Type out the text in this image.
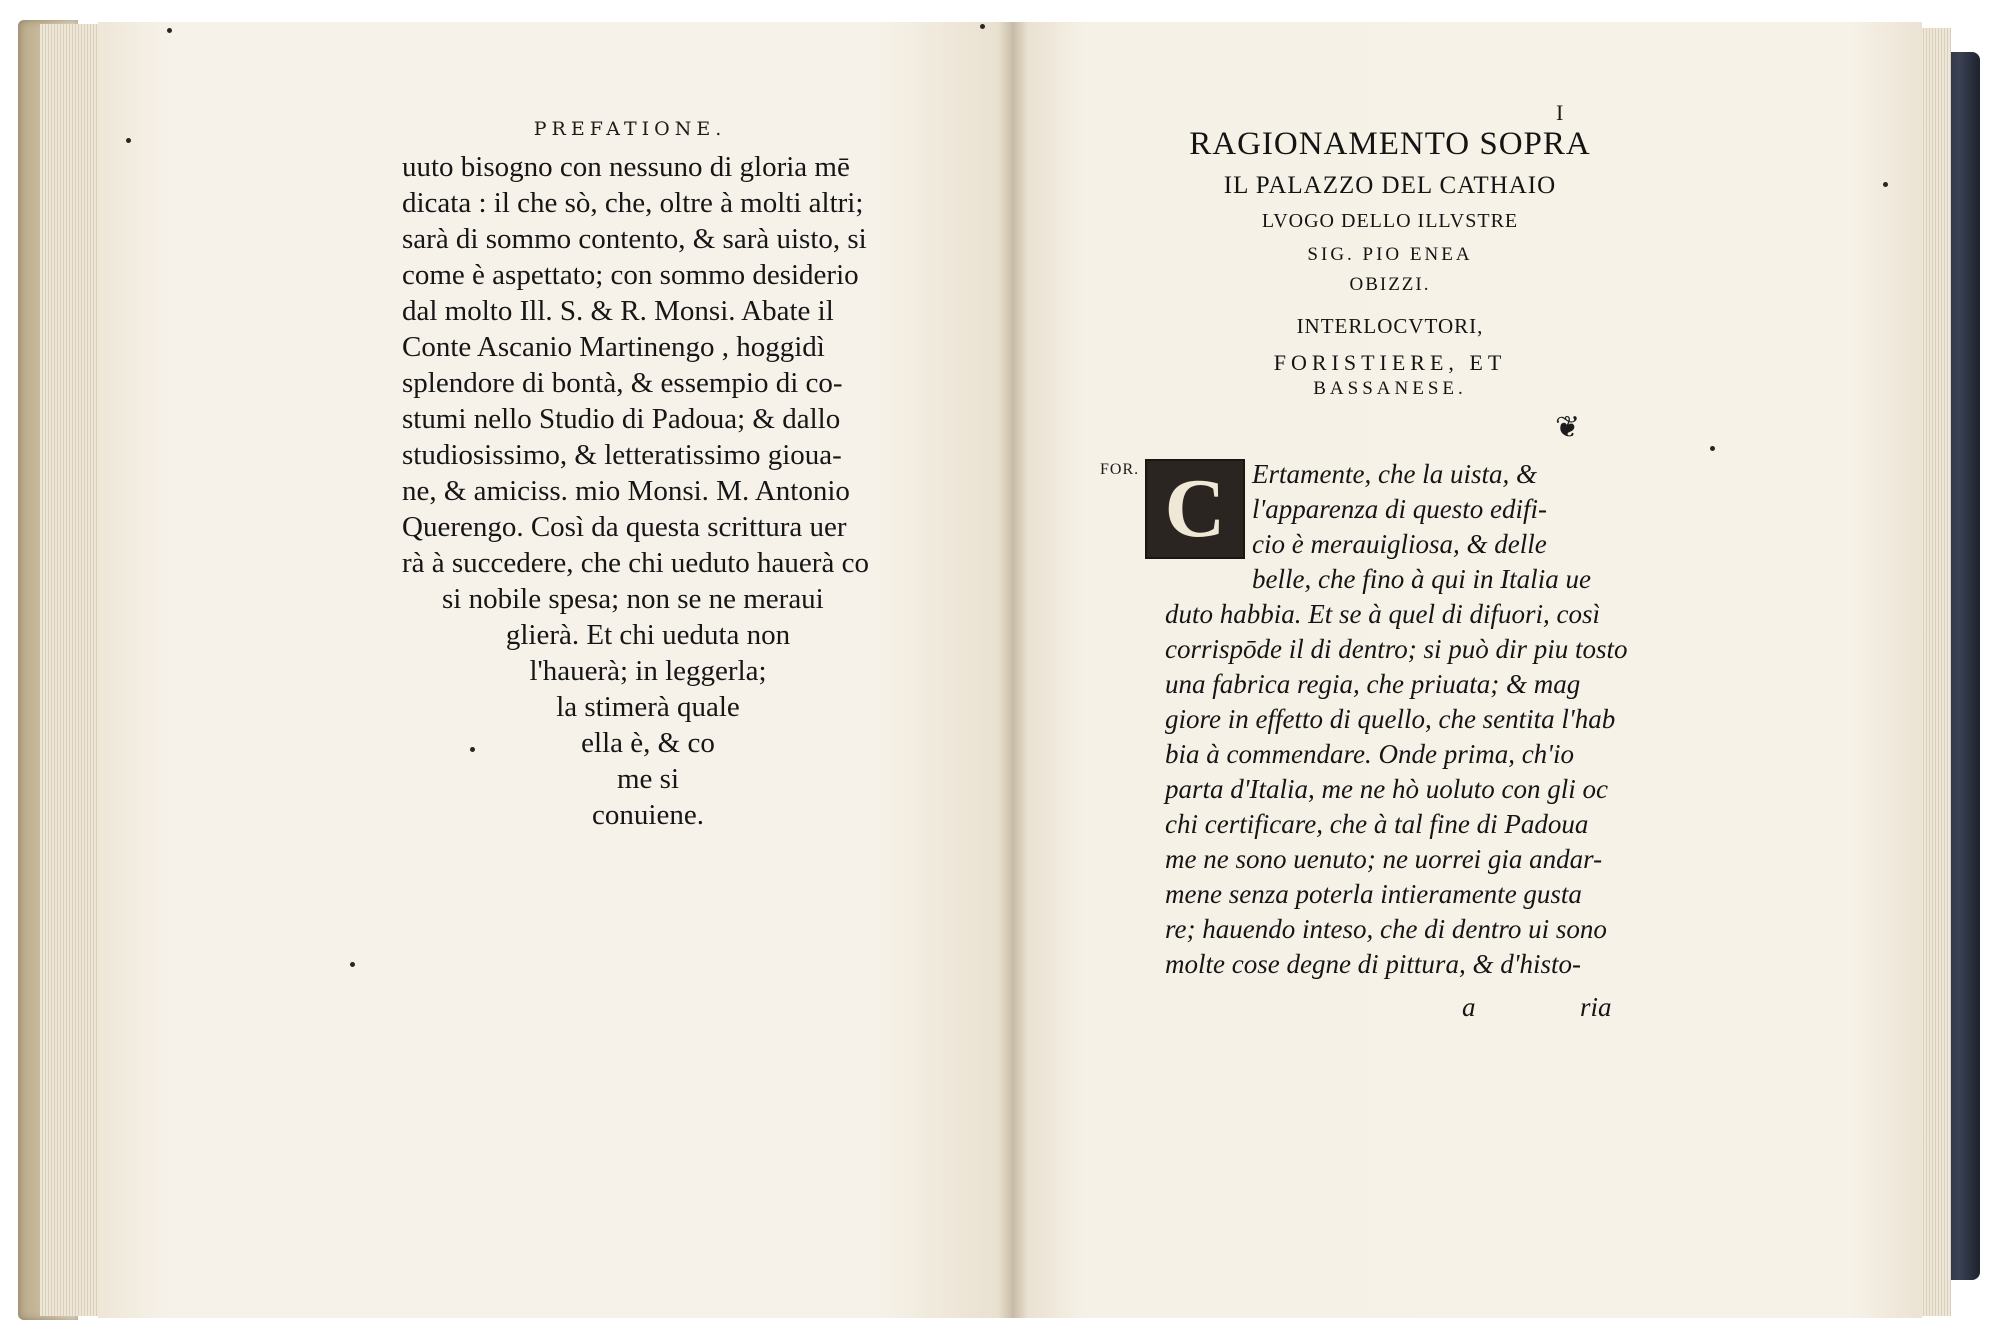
PREFATIONE.
uuto bisogno con nessuno di gloria mē
dicata : il che sò, che, oltre à molti altri;
sarà di sommo contento, & sarà uisto, si
come è aspettato; con sommo desiderio
dal molto Ill. S. & R. Monsi. Abate il
Conte Ascanio Martinengo , hoggidì
splendore di bontà, & essempio di co-
stumi nello Studio di Padoua; & dallo
studiosissimo, & letteratissimo gioua-
ne, & amiciss. mio Monsi. M. Antonio
Querengo. Così da questa scrittura uer
rà à succedere, che chi ueduto hauerà co
si nobile spesa; non se ne meraui
glierà. Et chi ueduta non
l'hauerà; in leggerla;
la stimerà quale
ella è, & co
me si
conuiene.
I
RAGIONAMENTO SOPRA
IL PALAZZO DEL CATHAIO
LVOGO DELLO ILLVSTRE
SIG. PIO ENEA
OBIZZI.
INTERLOCVTORI,
FORISTIERE, ET
BASSANESE.
❦
FOR. C Ertamente, che la uista, &
l'apparenza di questo edifi-
cio è merauigliosa, & delle
belle, che fino à qui in Italia ue
duto habbia. Et se à quel di difuori, così
corrispōde il di dentro; si può dir piu tosto
una fabrica regia, che priuata; & mag
giore in effetto di quello, che sentita l'hab
bia à commendare. Onde prima, ch'io
parta d'Italia, me ne hò uoluto con gli oc
chi certificare, che à tal fine di Padoua
me ne sono uenuto; ne uorrei gia andar-
mene senza poterla intieramente gusta
re; hauendo inteso, che di dentro ui sono
molte cose degne di pittura, & d'histo-
a	ria
